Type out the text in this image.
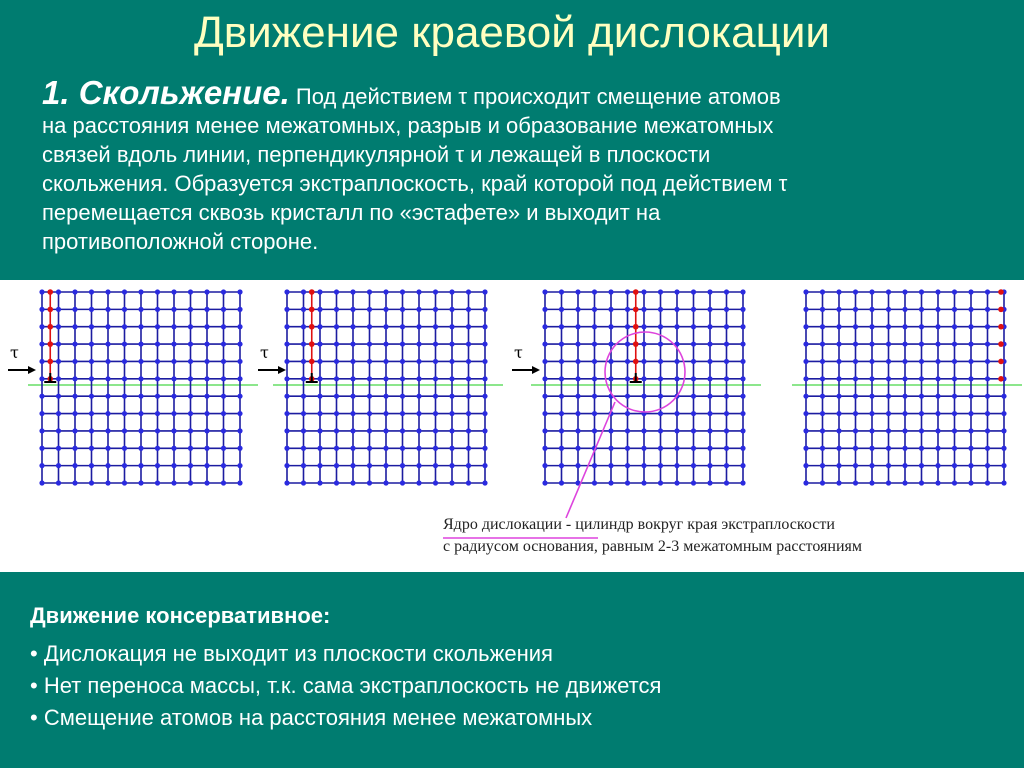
Движение краевой дислокации
1. Скольжение. Под действием τ происходит смещение атомов
на расстояния менее межатомных, разрыв и образование межатомных
связей вдоль линии, перпендикулярной τ и лежащей в плоскости
скольжения. Образуется экстраплоскость, край которой под действием τ
перемещается сквозь кристалл по «эстафете» и выходит на
противоположной стороне.
τ	τ	τ
Ядро дислокации - цилиндр вокруг края экстраплоскости
с радиусом основания, равным 2-3 межатомным расстояниям
Движение консервативное:
• Дислокация не выходит из плоскости скольжения
• Нет переноса массы, т.к. сама экстраплоскость не движется
• Смещение атомов на расстояния менее межатомных
